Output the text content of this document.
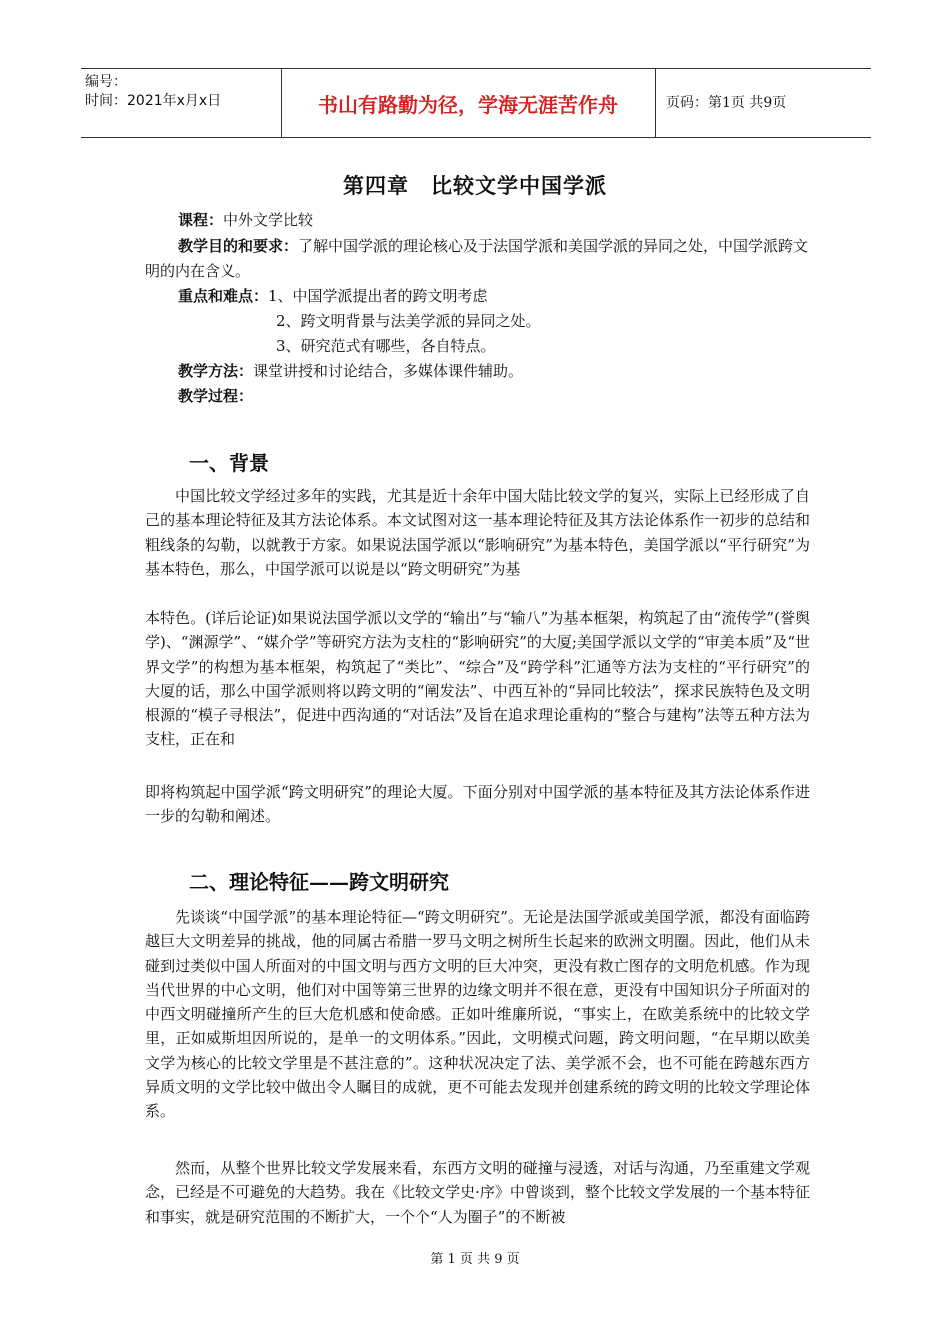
编号：
时间：2021年x月x日	书山有路勤为径，学海无涯苦作舟	页码：第1页 共9页
第四章　比较文学中国学派
课程：中外文学比较
教学目的和要求：了解中国学派的理论核心及于法国学派和美国学派的异同之处，中国学派跨文明的内在含义。
重点和难点：1、中国学派提出者的跨文明考虑
2、跨文明背景与法美学派的异同之处。
3、研究范式有哪些，各自特点。
教学方法：课堂讲授和讨论结合，多媒体课件辅助。
教学过程：
一、背景

中国比较文学经过多年的实践，尤其是近十余年中国大陆比较文学的复兴，实际上已经形成了自己的基本理论特征及其方法论体系。本文试图对这一基本理论特征及其方法论体系作一初步的总结和粗线条的勾勒，以就教于方家。如果说法国学派以“影响研究”为基本特色，美国学派以“平行研究”为基本特色，那么，中国学派可以说是以“跨文明研究”为基

本特色。(详后论证)如果说法国学派以文学的“输出”与“输八”为基本框架，构筑起了由“流传学”(誉舆学)、“渊源学”、“媒介学”等研究方法为支柱的“影响研究”的大厦;美国学派以文学的“审美本质”及“世界文学”的构想为基本框架，构筑起了“类比”、“综合”及“跨学科”汇通等方法为支柱的“平行研究”的大厦的话，那么中国学派则将以跨文明的“阐发法”、中西互补的“异同比较法”，探求民族特色及文明根源的“模子寻根法”，促进中西沟通的“对话法”及旨在追求理论重构的“整合与建构”法等五种方法为支柱，正在和

即将构筑起中国学派“跨文明研究”的理论大厦。下面分别对中国学派的基本特征及其方法论体系作进一步的勾勒和阐述。

二、理论特征——跨文明研究

先谈谈“中国学派”的基本理论特征—“跨文明研究”。无论是法国学派或美国学派，都没有面临跨越巨大文明差异的挑战，他的同属古希腊一罗马文明之树所生长起来的欧洲文明圈。因此，他们从未碰到过类似中国人所面对的中国文明与西方文明的巨大冲突，更没有救亡图存的文明危机感。作为现当代世界的中心文明，他们对中国等第三世界的边缘文明并不很在意，更没有中国知识分子所面对的中西文明碰撞所产生的巨大危机感和使命感。正如叶维廉所说，“事实上，在欧美系统中的比较文学里，正如威斯坦因所说的，是单一的文明体系。”因此，文明模式问题，跨文明问题，“在早期以欧美文学为核心的比较文学里是不甚注意的”。这种状况决定了法、美学派不会，也不可能在跨越东西方异质文明的文学比较中做出令人瞩目的成就，更不可能去发现并创建系统的跨文明的比较文学理论体系。

然而，从整个世界比较文学发展来看，东西方文明的碰撞与浸透，对话与沟通，乃至重建文学观念，已经是不可避免的大趋势。我在《比较文学史·序》中曾谈到，整个比较文学发展的一个基本特征和事实，就是研究范围的不断扩大，一个个“人为圈子”的不断被

第 1 页 共 9 页
